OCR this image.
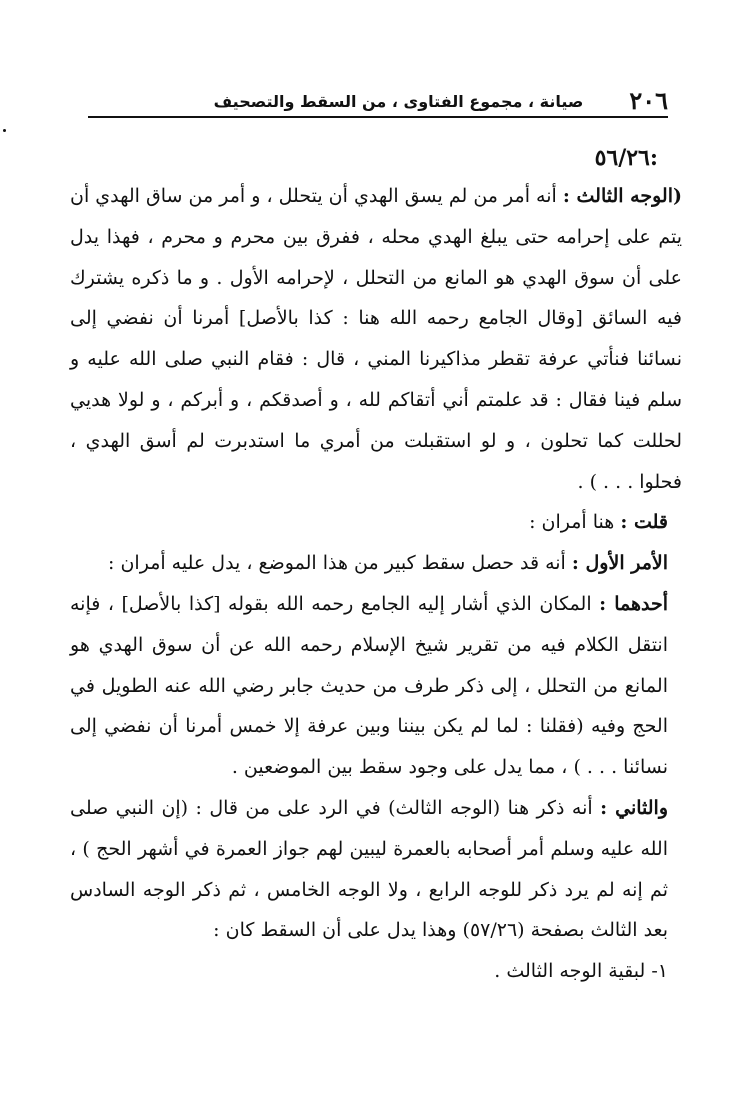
٢٠٦
صيانة ، مجموع الفتاوى ، من السقط والتصحيف
:٥٦/٢٦

(الوجه الثالث : أنه أمر من لم يسق الهدي أن يتحلل ، و أمر من ساق الهدي أن يتم على إحرامه حتى يبلغ الهدي محله ، ففرق بين محرم و محرم ، فهذا يدل على أن سوق الهدي هو المانع من التحلل ، لإحرامه الأول . و ما ذكره يشترك فيه السائق [وقال الجامع رحمه الله هنا : كذا بالأصل] أمرنا أن نفضي إلى نسائنا فنأتي عرفة تقطر مذاكيرنا المني ، قال : فقام النبي صلى الله عليه و سلم فينا فقال : قد علمتم أني أتقاكم لله ، و أصدقكم ، و أبركم ، و لولا هديي لحللت كما تحلون ، و لو استقبلت من أمري ما استدبرت لم أسق الهدي ، فحلوا . . . ) .

قلت : هنا أمران :

الأمر الأول : أنه قد حصل سقط كبير من هذا الموضع ، يدل عليه أمران :

أحدهما : المكان الذي أشار إليه الجامع رحمه الله بقوله [كذا بالأصل] ، فإنه انتقل الكلام فيه من تقرير شيخ الإسلام رحمه الله عن أن سوق الهدي هو المانع من التحلل ، إلى ذكر طرف من حديث جابر رضي الله عنه الطويل في الحج وفيه (فقلنا : لما لم يكن بيننا وبين عرفة إلا خمس أمرنا أن نفضي إلى نسائنا . . . ) ، مما يدل على وجود سقط بين الموضعين .

والثاني : أنه ذكر هنا (الوجه الثالث) في الرد على من قال : (إن النبي صلى الله عليه وسلم أمر أصحابه بالعمرة ليبين لهم جواز العمرة في أشهر الحج ) ، ثم إنه لم يرد ذكر للوجه الرابع ، ولا الوجه الخامس ، ثم ذكر الوجه السادس بعد الثالث بصفحة (٥٧/٢٦) وهذا يدل على أن السقط كان :

١- لبقية الوجه الثالث .
